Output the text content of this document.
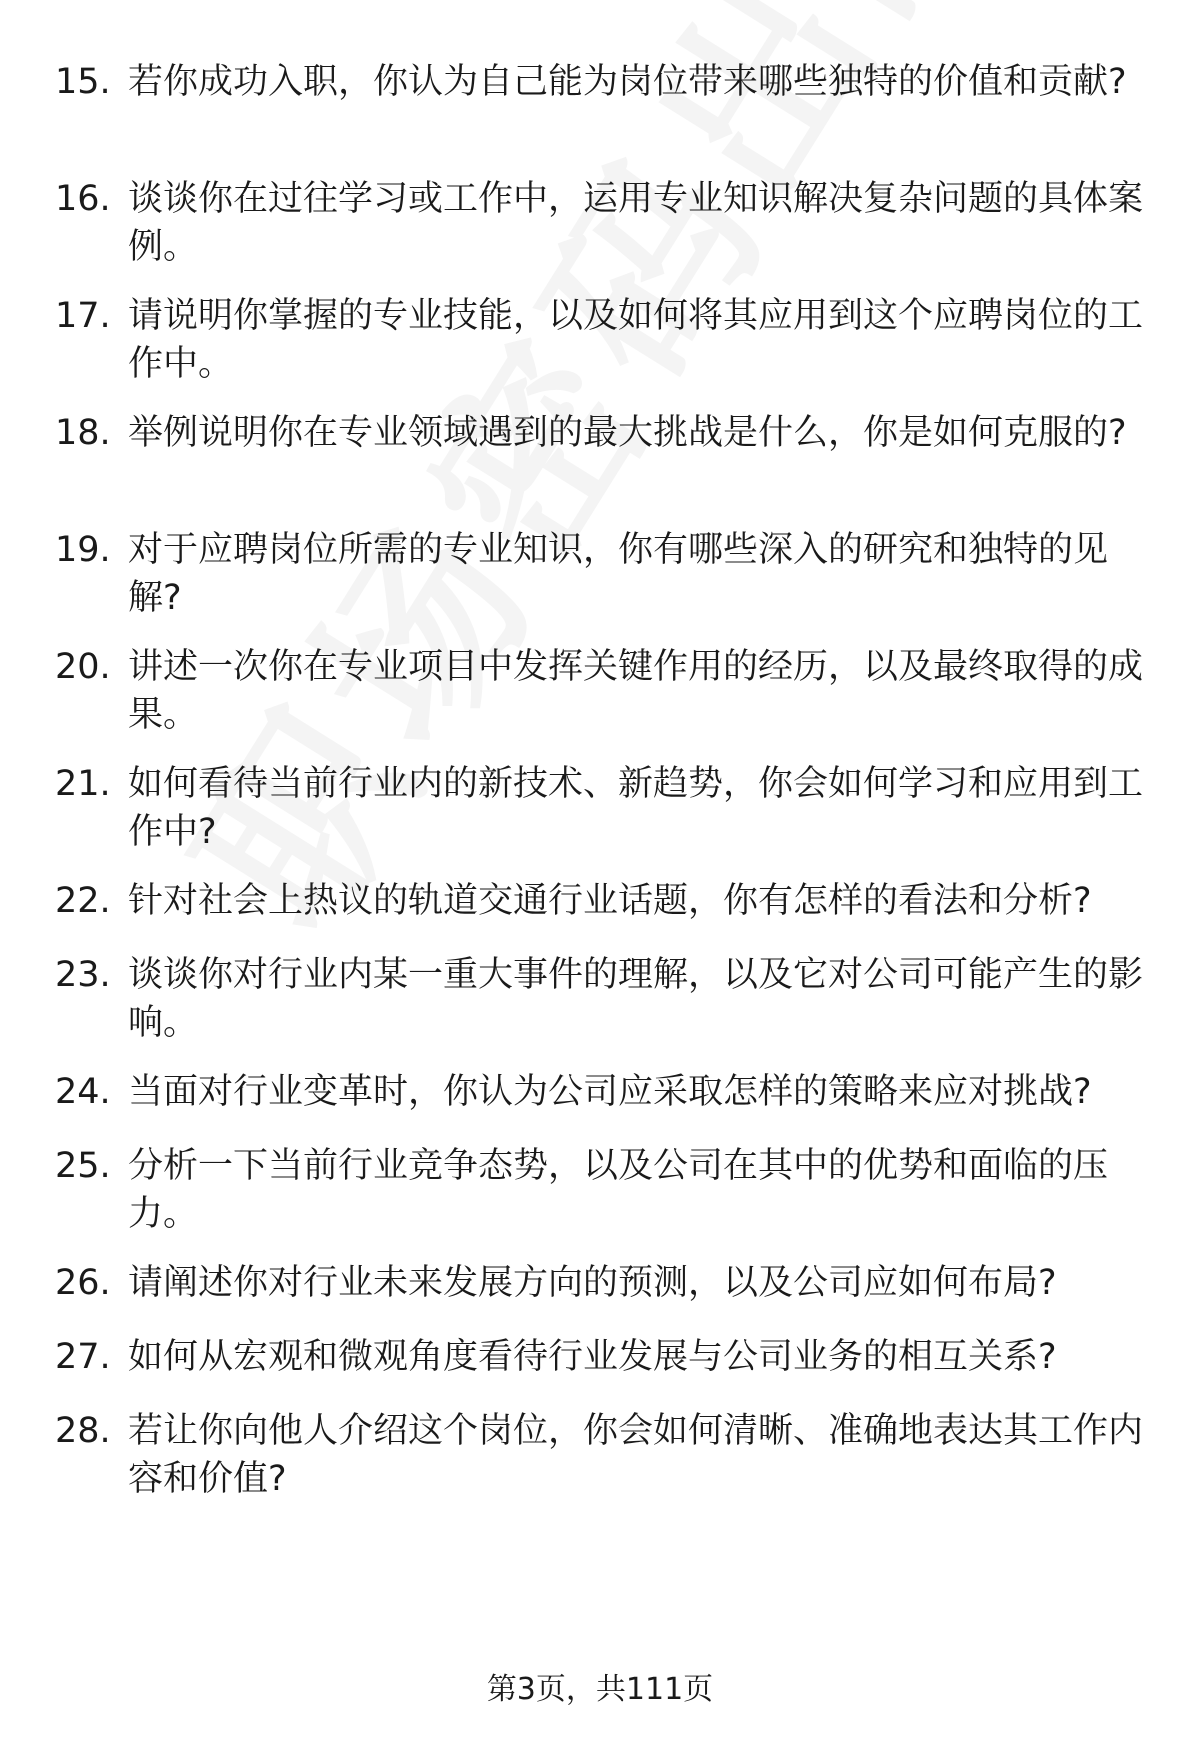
15. 若你成功入职，你认为自己能为岗位带来哪些独特的价值和贡献?
16. 谈谈你在过往学习或工作中，运用专业知识解决复杂问题的具体案例。
17. 请说明你掌握的专业技能，以及如何将其应用到这个应聘岗位的工作中。
18. 举例说明你在专业领域遇到的最大挑战是什么，你是如何克服的?
19. 对于应聘岗位所需的专业知识，你有哪些深入的研究和独特的见解?
20. 讲述一次你在专业项目中发挥关键作用的经历，以及最终取得的成果。
21. 如何看待当前行业内的新技术、新趋势，你会如何学习和应用到工作中?
22. 针对社会上热议的轨道交通行业话题，你有怎样的看法和分析?
23. 谈谈你对行业内某一重大事件的理解，以及它对公司可能产生的影响。
24. 当面对行业变革时，你认为公司应采取怎样的策略来应对挑战?
25. 分析一下当前行业竞争态势，以及公司在其中的优势和面临的压力。
26. 请阐述你对行业未来发展方向的预测，以及公司应如何布局?
27. 如何从宏观和微观角度看待行业发展与公司业务的相互关系?
28. 若让你向他人介绍这个岗位，你会如何清晰、准确地表达其工作内容和价值?
第3页，共111页
